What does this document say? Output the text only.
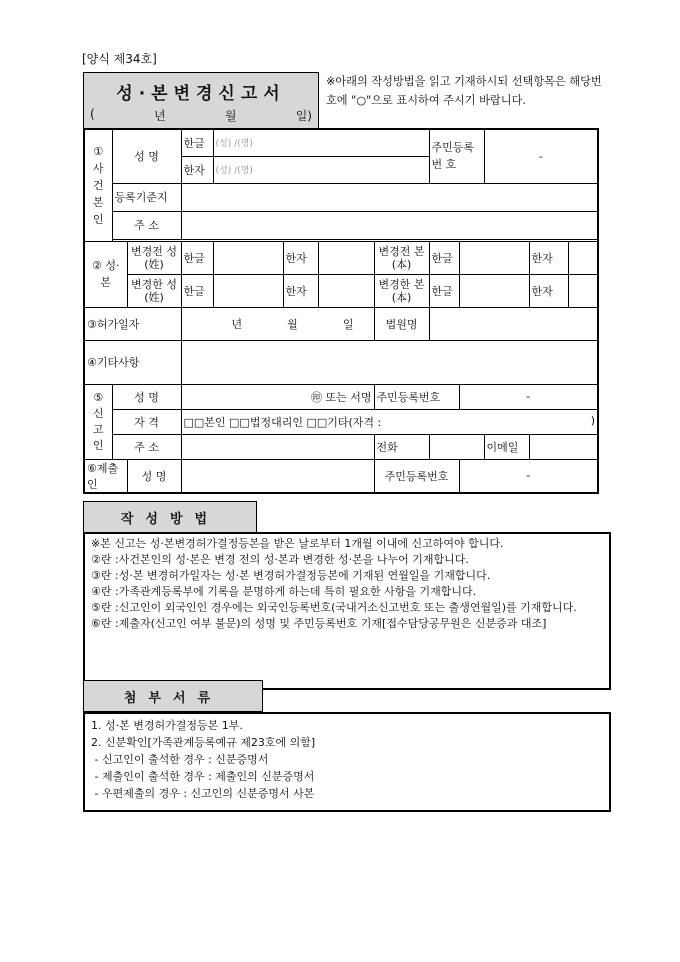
[양식 제34호]
성·본변경신고서
(	년	월	일)
※아래의 작성방법을 읽고 기재하시되 선택항목은 해당번호에 "○"으로 표시하여 주시기 바랍니다.
① 사 건 본 인	성 명		한글	(성) /(명)				주민등록 번 호		-		
			한자	(성) /(명)								
	등록기준지											
	주 소											

② 성·본		변경전 성(姓)	한글		한자		변경전 본(本)	한글			한자	
		변경한 성(姓)	한글		한자		변경한 본(本)	한글			한자	
③허가일자			년 월 일				법원명					
④기타사항												
⑤ 신 고 인	성 명		㊞ 또는 서명				주민등록번호		-			
	자 격		□□본인 □□법정대리인 □□기타(자격 : )									

	주 소						전화			이메일		
⑥제출인		성 명					주민등록번호		-			
작성방법
※ 본 신고는 성·본변경허가결정등본을 받은 날로부터 1개월 이내에 신고하여야 합니다.
②란 : 사건본인의 성·본은 변경 전의 성·본과 변경한 성·본을 나누어 기재합니다.
③란 : 성·본 변경허가일자는 성·본 변경허가결정등본에 기재된 연월일을 기재합니다.
④란 : 가족관계등록부에 기록을 분명하게 하는데 특히 필요한 사항을 기재합니다.
⑤란 : 신고인이 외국인인 경우에는 외국인등록번호(국내거소신고번호 또는 출생연월일)를 기재합니다.
⑥란 : 제출자(신고인 여부 불문)의 성명 및 주민등록번호 기재[접수담당공무원은 신분증과 대조]
첨부서류
1. 성·본 변경허가결정등본 1부.
2. 신분확인[가족관계등록예규 제23호에 의함]
- 신고인이 출석한 경우 : 신분증명서
- 제출인이 출석한 경우 : 제출인의 신분증명서
- 우편제출의 경우 : 신고인의 신분증명서 사본
